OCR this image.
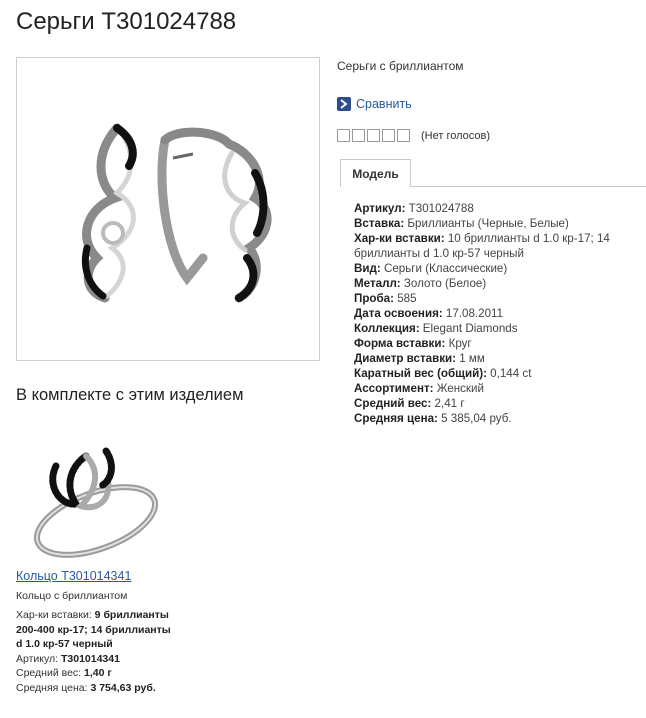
Серьги Т301024788
Серьги с бриллиантом
Сравнить
(Нет голосов)
Модель
Артикул: Т301024788
Вставка: Бриллианты (Черные, Белые)
Хар-ки вставки: 10 бриллианты d 1.0 кр-17; 14 бриллианты d 1.0 кр-57 черный
Вид: Серьги (Классические)
Металл: Золото (Белое)
Проба: 585
Дата освоения: 17.08.2011
Коллекция: Elegant Diamonds
Форма вставки: Круг
Диаметр вставки: 1 мм
Каратный вес (общий): 0,144 ct
Ассортимент: Женский
Средний вес: 2,41 г
Средняя цена: 5 385,04 руб.
В комплекте с этим изделием
Кольцо Т301014341
Кольцо с бриллиантом
Хар-ки вставки: 9 бриллианты 200-400 кр-17; 14 бриллианты d 1.0 кр-57 черный
Артикул: Т301014341
Средний вес: 1,40 г
Средняя цена: 3 754,63 руб.
